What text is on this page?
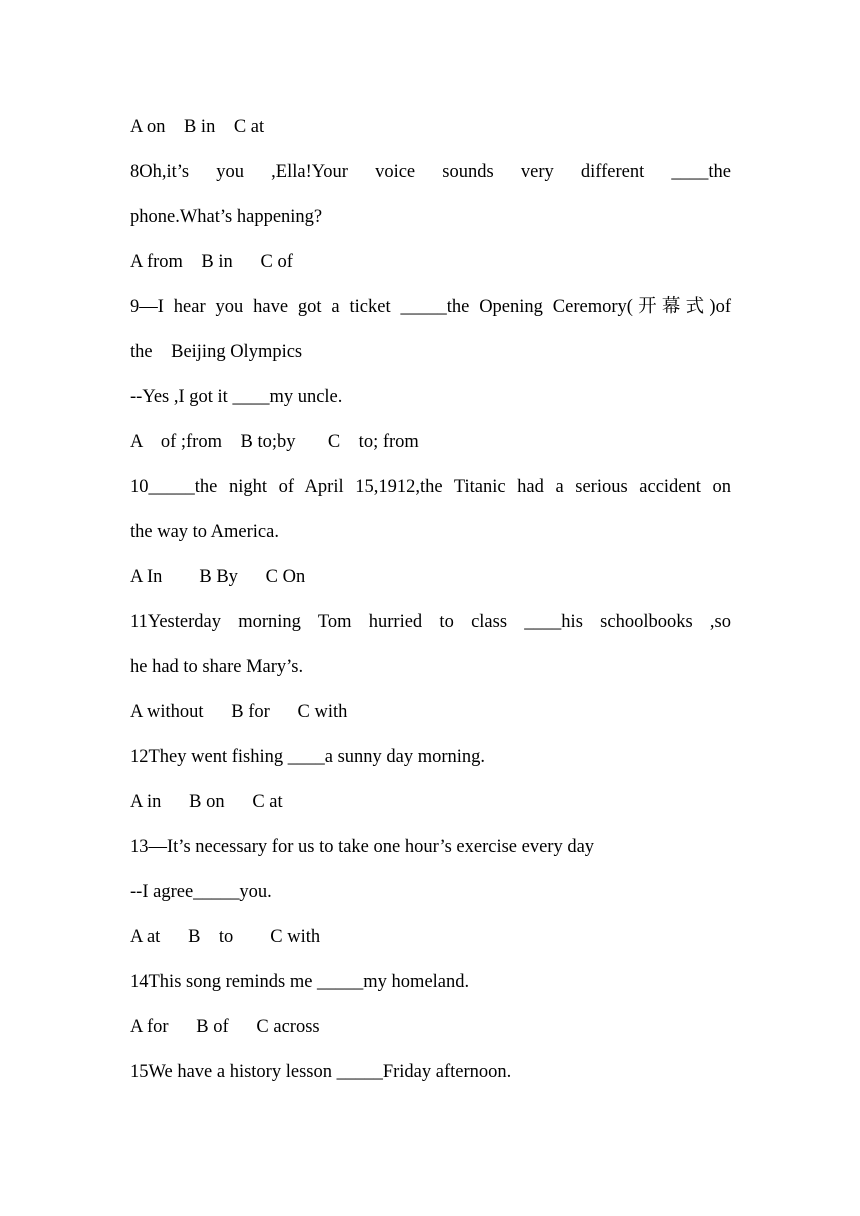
A on    B in    C at
8Oh,it’s you ,Ella!Your voice sounds very different ____the
phone.What’s happening?
A from    B in      C of
9—I hear you have got a ticket _____the Opening Ceremory(开幕式)of
the    Beijing Olympics
--Yes ,I got it ____my uncle.
A    of ;from    B to;by       C    to; from
10_____the night of April 15,1912,the Titanic had a serious accident on
the way to America.
A In        B By      C On
11Yesterday morning Tom hurried to class ____his schoolbooks ,so
he had to share Mary’s.
A without      B for      C with
12They went fishing ____a sunny day morning.
A in      B on      C at
13—It’s necessary for us to take one hour’s exercise every day
--I agree_____you.
A at      B    to        C with
14This song reminds me _____my homeland.
A for      B of      C across
15We have a history lesson _____Friday afternoon.
